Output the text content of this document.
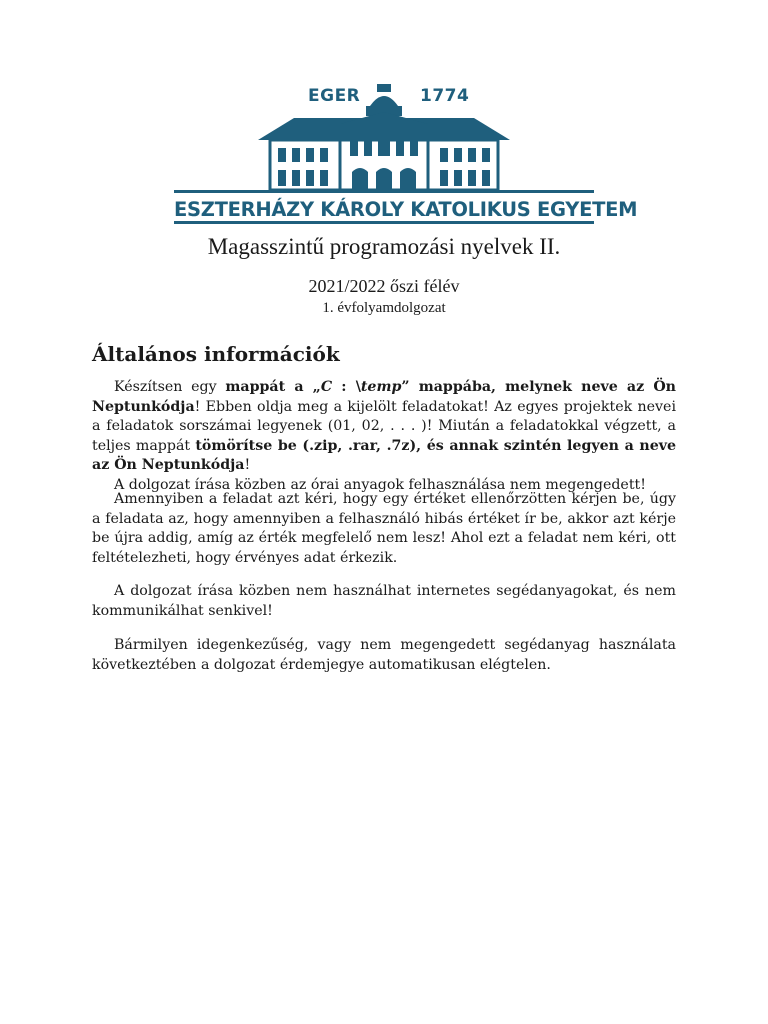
EGER	1774
ESZTERHÁZY KÁROLY KATOLIKUS EGYETEM
Magasszintű programozási nyelvek II.
2021/2022 őszi félév
1. évfolyamdolgozat
Általános információk
Készítsen egy mappát a „C : \temp” mappába, melynek neve az Ön Neptunkódja! Ebben oldja meg a kijelölt feladatokat! Az egyes projektek nevei a feladatok sorszámai legyenek (01, 02, . . . )! Miután a feladatokkal végzett, a teljes mappát tömörítse be (.zip, .rar, .7z), és annak szintén legyen a neve az Ön Neptunkódja!
A dolgozat írása közben az órai anyagok felhasználása nem megengedett!
Amennyiben a feladat azt kéri, hogy egy értéket ellenőrzötten kérjen be, úgy a feladata az, hogy amennyiben a felhasználó hibás értéket ír be, akkor azt kérje be újra addig, amíg az érték megfelelő nem lesz! Ahol ezt a feladat nem kéri, ott feltételezheti, hogy érvényes adat érkezik.
A dolgozat írása közben nem használhat internetes segédanyagokat, és nem kommunikálhat senkivel!
Bármilyen idegenkezűség, vagy nem megengedett segédanyag használata következtében a dolgozat érdemjegye automatikusan elégtelen.
